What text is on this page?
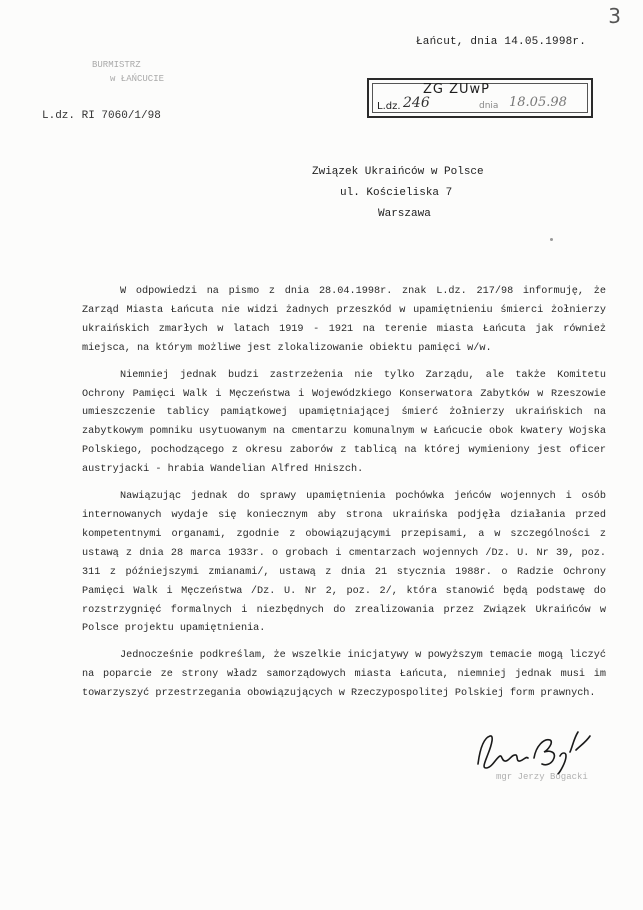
3
Łańcut, dnia 14.05.1998r.
BURMISTRZ
w ŁAŃCUCIE
L.dz. RI 7060/1/98
ZG ZUwP
L.dz. 246	dnia 18.05.98
Związek Ukraińców w Polsce
ul. Kościeliska 7
Warszawa

W odpowiedzi na pismo z dnia 28.04.1998r. znak L.dz. 217/98 informuję, że Zarząd Miasta Łańcuta nie widzi żadnych przeszkód w upamiętnieniu śmierci żołnierzy ukraińskich zmarłych w latach 1919 - 1921 na terenie miasta Łańcuta jak również miejsca, na którym możliwe jest zlokalizowanie obiektu pamięci w/w.

Niemniej jednak budzi zastrzeżenia nie tylko Zarządu, ale także Komitetu Ochrony Pamięci Walk i Męczeństwa i Wojewódzkiego Konserwatora Zabytków w Rzeszowie umieszczenie tablicy pamiątkowej upamiętniającej śmierć żołnierzy ukraińskich na zabytkowym pomniku usytuowanym na cmentarzu komunalnym w Łańcucie obok kwatery Wojska Polskiego, pochodzącego z okresu zaborów z tablicą na której wymieniony jest oficer austryjacki - hrabia Wandelian Alfred Hniszch.

Nawiązując jednak do sprawy upamiętnienia pochówka jeńców wojennych i osób internowanych wydaje się koniecznym aby strona ukraińska podjęła działania przed kompetentnymi organami, zgodnie z obowiązującymi przepisami, a w szczególności z ustawą z dnia 28 marca 1933r. o grobach i cmentarzach wojennych /Dz. U. Nr 39, poz. 311 z późniejszymi zmianami/, ustawą z dnia 21 stycznia 1988r. o Radzie Ochrony Pamięci Walk i Męczeństwa /Dz. U. Nr 2, poz. 2/, która stanowić będą podstawę do rozstrzygnięć formalnych i niezbędnych do zrealizowania przez Związek Ukraińców w Polsce projektu upamiętnienia.

Jednocześnie podkreślam, że wszelkie inicjatywy w powyższym temacie mogą liczyć na poparcie ze strony władz samorządowych miasta Łańcuta, niemniej jednak musi im towarzyszyć przestrzegania obowiązujących w Rzeczypospolitej Polskiej form prawnych.

mgr Jerzy Bogacki
